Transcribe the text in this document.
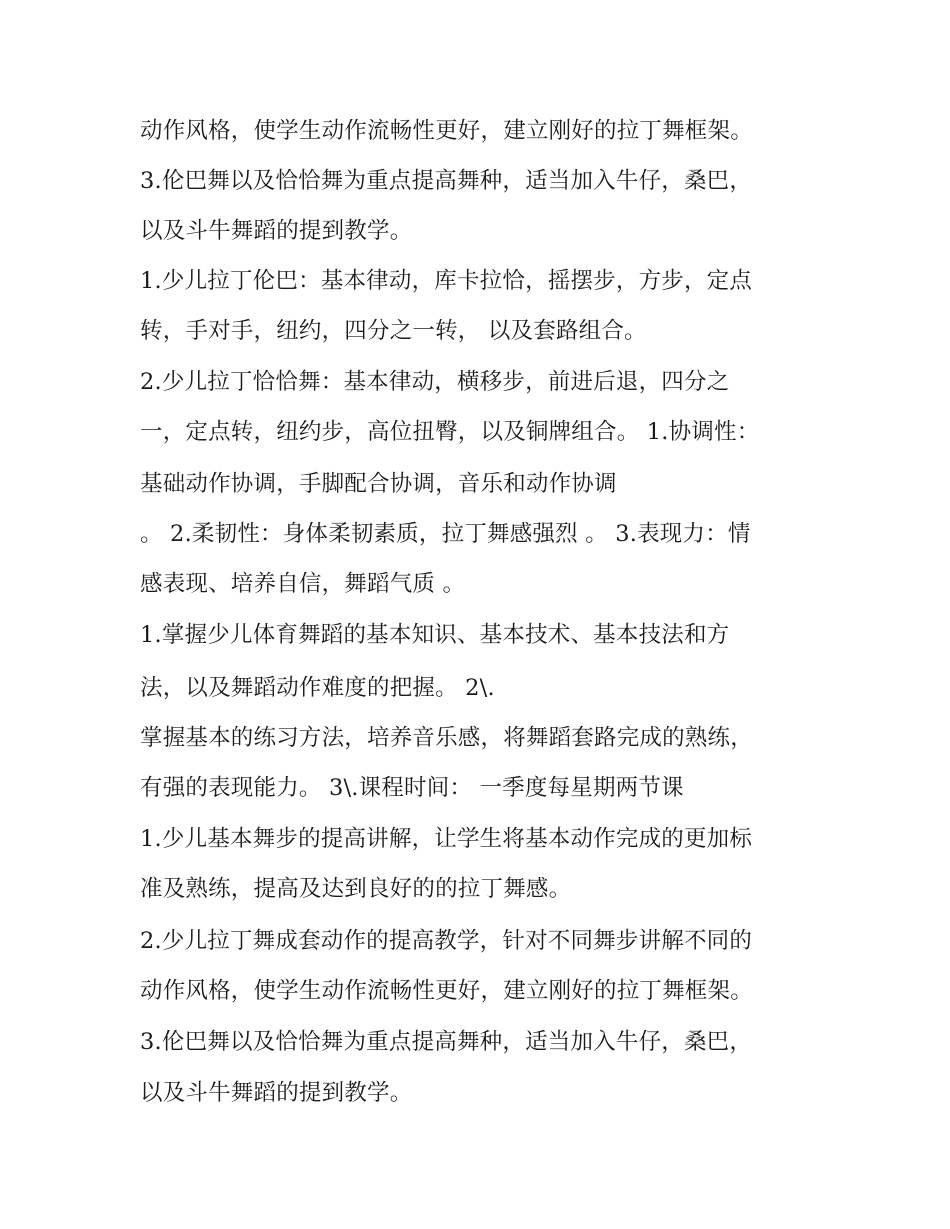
动作风格，使学生动作流畅性更好，建立刚好的拉丁舞框架。
3.伦巴舞以及恰恰舞为重点提高舞种，适当加入牛仔，桑巴，
以及斗牛舞蹈的提到教学。
1.少儿拉丁伦巴：基本律动，库卡拉恰，摇摆步，方步，定点
转，手对手，纽约，四分之一转， 以及套路组合。
2.少儿拉丁恰恰舞：基本律动，横移步，前进后退，四分之
一，定点转，纽约步，高位扭臀，以及铜牌组合。 1.协调性：
基础动作协调，手脚配合协调，音乐和动作协调
。 2.柔韧性：身体柔韧素质，拉丁舞感强烈 。 3.表现力：情
感表现、培养自信，舞蹈气质 。
1.掌握少儿体育舞蹈的基本知识、基本技术、基本技法和方
法，以及舞蹈动作难度的把握。 2\.
掌握基本的练习方法，培养音乐感，将舞蹈套路完成的熟练，
有强的表现能力。 3\.课程时间： 一季度每星期两节课
1.少儿基本舞步的提高讲解，让学生将基本动作完成的更加标
准及熟练，提高及达到良好的的拉丁舞感。
2.少儿拉丁舞成套动作的提高教学，针对不同舞步讲解不同的
动作风格，使学生动作流畅性更好，建立刚好的拉丁舞框架。
3.伦巴舞以及恰恰舞为重点提高舞种，适当加入牛仔，桑巴，
以及斗牛舞蹈的提到教学。
